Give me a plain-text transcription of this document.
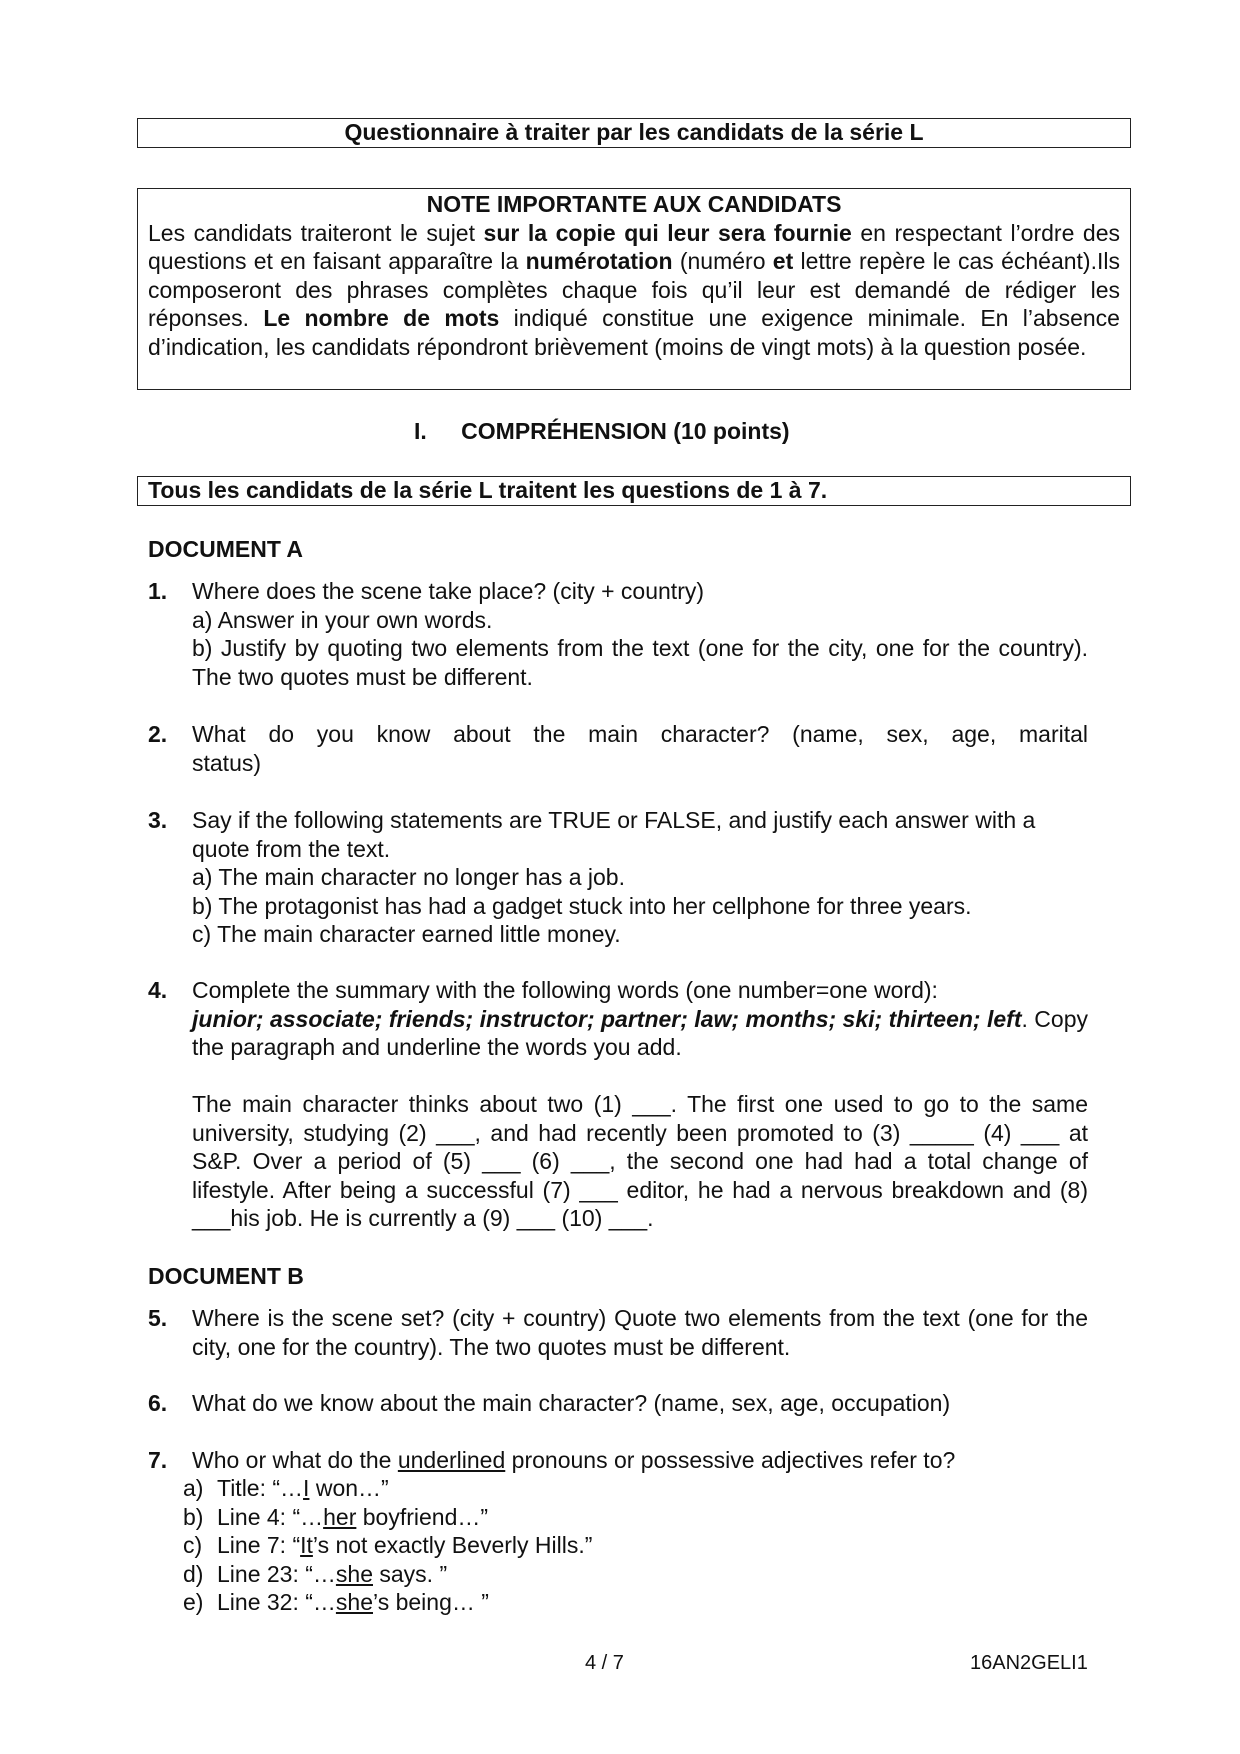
Questionnaire à traiter par les candidats de la série L
NOTE IMPORTANTE AUX CANDIDATS
Les candidats traiteront le sujet sur la copie qui leur sera fournie en respectant l’ordre des questions et en faisant apparaître la numérotation (numéro et lettre repère le cas échéant).Ils composeront des phrases complètes chaque fois qu’il leur est demandé de rédiger les réponses. Le nombre de mots indiqué constitue une exigence minimale. En l’absence d’indication, les candidats répondront brièvement (moins de vingt mots) à la question posée.
I. COMPRÉHENSION (10 points)
Tous les candidats de la série L traitent les questions de 1 à 7.
DOCUMENT A
1. Where does the scene take place? (city + country)
a) Answer in your own words.
b) Justify by quoting two elements from the text (one for the city, one for the country). The two quotes must be different.
2. What do you know about the main character? (name, sex, age, marital status)
3. Say if the following statements are TRUE or FALSE, and justify each answer with a quote from the text.
a) The main character no longer has a job.
b) The protagonist has had a gadget stuck into her cellphone for three years.
c) The main character earned little money.
4. Complete the summary with the following words (one number=one word):
junior; associate; friends; instructor; partner; law; months; ski; thirteen; left. Copy the paragraph and underline the words you add.
The main character thinks about two (1) ___. The first one used to go to the same university, studying (2) ___, and had recently been promoted to (3) _____ (4) ___ at S&P. Over a period of (5) ___ (6) ___, the second one had had a total change of lifestyle. After being a successful (7) ___ editor, he had a nervous breakdown and (8) ___his job. He is currently a (9) ___ (10) ___.
DOCUMENT B
5. Where is the scene set? (city + country) Quote two elements from the text (one for the city, one for the country). The two quotes must be different.
6. What do we know about the main character? (name, sex, age, occupation)
7. Who or what do the underlined pronouns or possessive adjectives refer to?
a) Title: “…I won…”
b) Line 4: “…her boyfriend…”
c) Line 7: “It’s not exactly Beverly Hills.”
d) Line 23: “…she says. ”
e) Line 32: “…she’s being… ”
4 / 7	16AN2GELI1
